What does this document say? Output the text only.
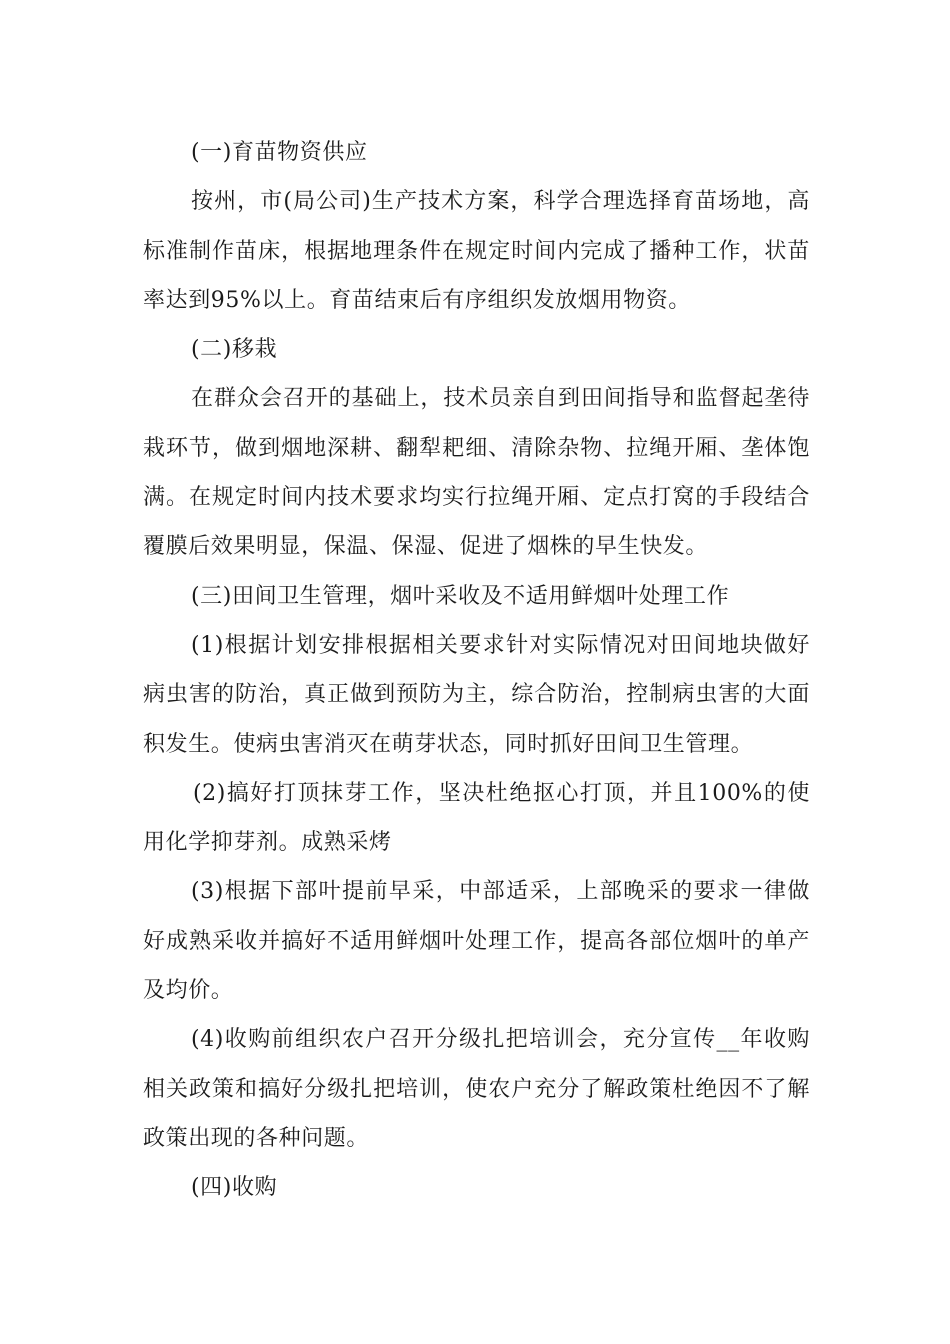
(一)育苗物资供应

按州，市(局公司)生产技术方案，科学合理选择育苗场地，高标准制作苗床，根据地理条件在规定时间内完成了播种工作，状苗率达到95%以上。育苗结束后有序组织发放烟用物资。

(二)移栽

在群众会召开的基础上，技术员亲自到田间指导和监督起垄待栽环节，做到烟地深耕、翻犁耙细、清除杂物、拉绳开厢、垄体饱满。在规定时间内技术要求均实行拉绳开厢、定点打窝的手段结合覆膜后效果明显，保温、保湿、促进了烟株的早生快发。

(三)田间卫生管理，烟叶采收及不适用鲜烟叶处理工作

(1)根据计划安排根据相关要求针对实际情况对田间地块做好病虫害的防治，真正做到预防为主，综合防治，控制病虫害的大面积发生。使病虫害消灭在萌芽状态，同时抓好田间卫生管理。

(2)搞好打顶抹芽工作，坚决杜绝抠心打顶，并且100%的使用化学抑芽剂。成熟采烤

(3)根据下部叶提前早采，中部适采，上部晚采的要求一律做好成熟采收并搞好不适用鲜烟叶处理工作，提高各部位烟叶的单产及均价。

(4)收购前组织农户召开分级扎把培训会，充分宣传__年收购相关政策和搞好分级扎把培训，使农户充分了解政策杜绝因不了解政策出现的各种问题。

(四)收购
